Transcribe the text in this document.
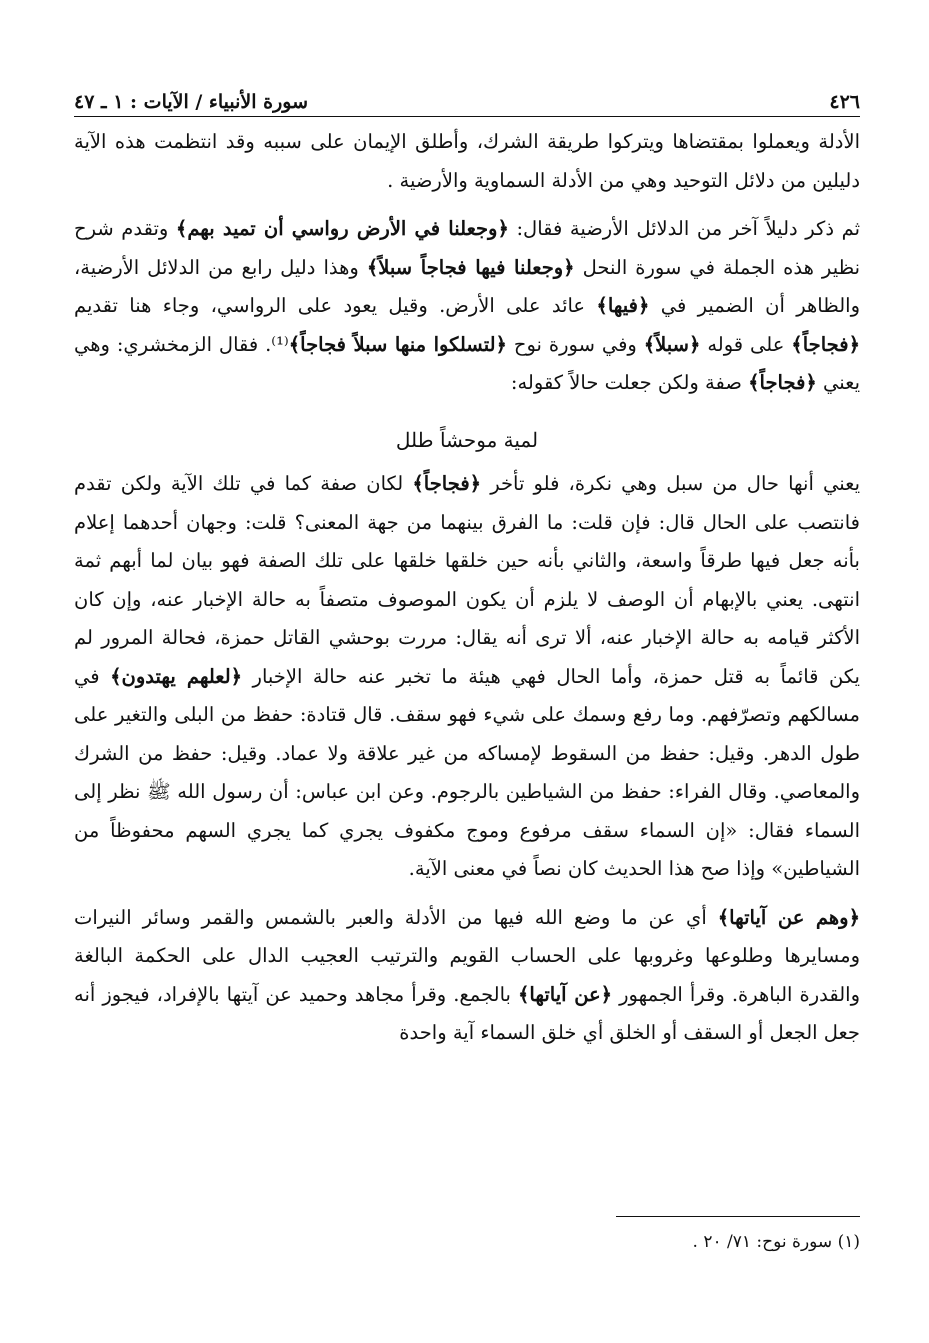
٤٢٦
سورة الأنبياء / الآيات : ١ ـ ٤٧

الأدلة ويعملوا بمقتضاها ويتركوا طريقة الشرك، وأطلق الإيمان على سببه وقد انتظمت هذه الآية دليلين من دلائل التوحيد وهي من الأدلة السماوية والأرضية .

ثم ذكر دليلاً آخر من الدلائل الأرضية فقال: ﴿وجعلنا في الأرض رواسي أن تميد بهم﴾ وتقدم شرح نظير هذه الجملة في سورة النحل ﴿وجعلنا فيها فجاجاً سبلاً﴾ وهذا دليل رابع من الدلائل الأرضية، والظاهر أن الضمير في ﴿فيها﴾ عائد على الأرض. وقيل يعود على الرواسي، وجاء هنا تقديم ﴿فجاجاً﴾ على قوله ﴿سبلاً﴾ وفي سورة نوح ﴿لتسلكوا منها سبلاً فجاجاً﴾⁽¹⁾. فقال الزمخشري: وهي يعني ﴿فجاجاً﴾ صفة ولكن جعلت حالاً كقوله:

لمية موحشاً طلل

يعني أنها حال من سبل وهي نكرة، فلو تأخر ﴿فجاجاً﴾ لكان صفة كما في تلك الآية ولكن تقدم فانتصب على الحال قال: فإن قلت: ما الفرق بينهما من جهة المعنى؟ قلت: وجهان أحدهما إعلام بأنه جعل فيها طرقاً واسعة، والثاني بأنه حين خلقها خلقها على تلك الصفة فهو بيان لما أبهم ثمة انتهى. يعني بالإبهام أن الوصف لا يلزم أن يكون الموصوف متصفاً به حالة الإخبار عنه، وإن كان الأكثر قيامه به حالة الإخبار عنه، ألا ترى أنه يقال: مررت بوحشي القاتل حمزة، فحالة المرور لم يكن قائماً به قتل حمزة، وأما الحال فهي هيئة ما تخبر عنه حالة الإخبار ﴿لعلهم يهتدون﴾ في مسالكهم وتصرّفهم. وما رفع وسمك على شيء فهو سقف. قال قتادة: حفظ من البلى والتغير على طول الدهر. وقيل: حفظ من السقوط لإمساكه من غير علاقة ولا عماد. وقيل: حفظ من الشرك والمعاصي. وقال الفراء: حفظ من الشياطين بالرجوم. وعن ابن عباس: أن رسول الله ﷺ نظر إلى السماء فقال: «إن السماء سقف مرفوع وموج مكفوف يجري كما يجري السهم محفوظاً من الشياطين» وإذا صح هذا الحديث كان نصاً في معنى الآية.

﴿وهم عن آياتها﴾ أي عن ما وضع الله فيها من الأدلة والعبر بالشمس والقمر وسائر النيرات ومسايرها وطلوعها وغروبها على الحساب القويم والترتيب العجيب الدال على الحكمة البالغة والقدرة الباهرة. وقرأ الجمهور ﴿عن آياتها﴾ بالجمع. وقرأ مجاهد وحميد عن آيتها بالإفراد، فيجوز أنه جعل الجعل أو السقف أو الخلق أي خلق السماء آية واحدة

(١) سورة نوح: ٧١/ ٢٠ .
